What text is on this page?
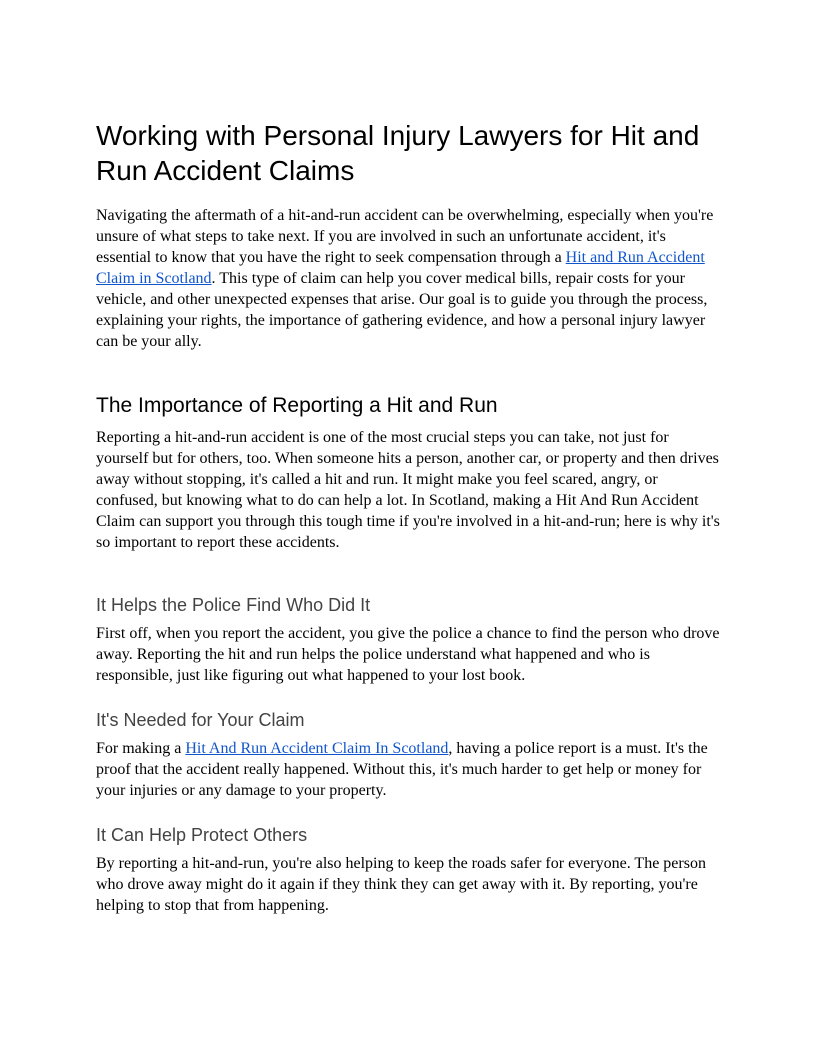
Working with Personal Injury Lawyers for Hit and Run Accident Claims

Navigating the aftermath of a hit-and-run accident can be overwhelming, especially when you're unsure of what steps to take next. If you are involved in such an unfortunate accident, it's essential to know that you have the right to seek compensation through a Hit and Run Accident Claim in Scotland. This type of claim can help you cover medical bills, repair costs for your vehicle, and other unexpected expenses that arise. Our goal is to guide you through the process, explaining your rights, the importance of gathering evidence, and how a personal injury lawyer can be your ally.

The Importance of Reporting a Hit and Run

Reporting a hit-and-run accident is one of the most crucial steps you can take, not just for yourself but for others, too. When someone hits a person, another car, or property and then drives away without stopping, it's called a hit and run. It might make you feel scared, angry, or confused, but knowing what to do can help a lot. In Scotland, making a Hit And Run Accident Claim can support you through this tough time if you're involved in a hit-and-run; here is why it's so important to report these accidents.

It Helps the Police Find Who Did It

First off, when you report the accident, you give the police a chance to find the person who drove away. Reporting the hit and run helps the police understand what happened and who is responsible, just like figuring out what happened to your lost book.

It's Needed for Your Claim

For making a Hit And Run Accident Claim In Scotland, having a police report is a must. It's the proof that the accident really happened. Without this, it's much harder to get help or money for your injuries or any damage to your property.

It Can Help Protect Others

By reporting a hit-and-run, you're also helping to keep the roads safer for everyone. The person who drove away might do it again if they think they can get away with it. By reporting, you're helping to stop that from happening.
